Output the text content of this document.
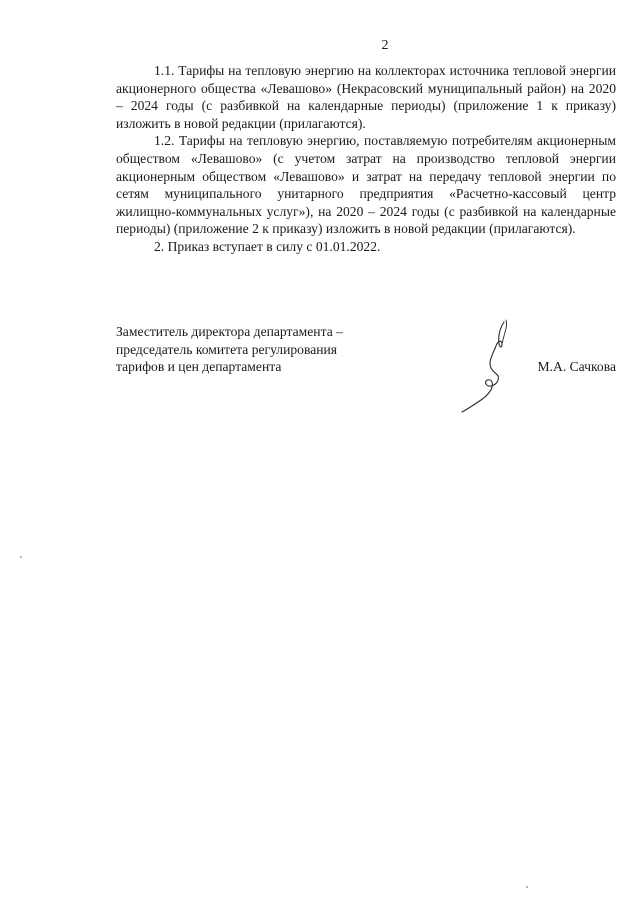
2

1.1. Тарифы на тепловую энергию на коллекторах источника тепловой энергии акционерного общества «Левашово» (Некрасовский муниципальный район) на 2020 – 2024 годы (с разбивкой на календарные периоды) (приложение 1 к приказу) изложить в новой редакции (прилагаются).

1.2. Тарифы на тепловую энергию, поставляемую потребителям акционерным обществом «Левашово» (с учетом затрат на производство тепловой энергии акционерным обществом «Левашово» и затрат на передачу тепловой энергии по сетям муниципального унитарного предприятия «Расчетно-кассовый центр жилищно-коммунальных услуг»), на 2020 – 2024 годы (с разбивкой на календарные периоды) (приложение 2 к приказу) изложить в новой редакции (прилагаются).

2. Приказ вступает в силу с 01.01.2022.

Заместитель директора департамента –

председатель комитета регулирования

тарифов и цен департамента	М.А. Сачкова
